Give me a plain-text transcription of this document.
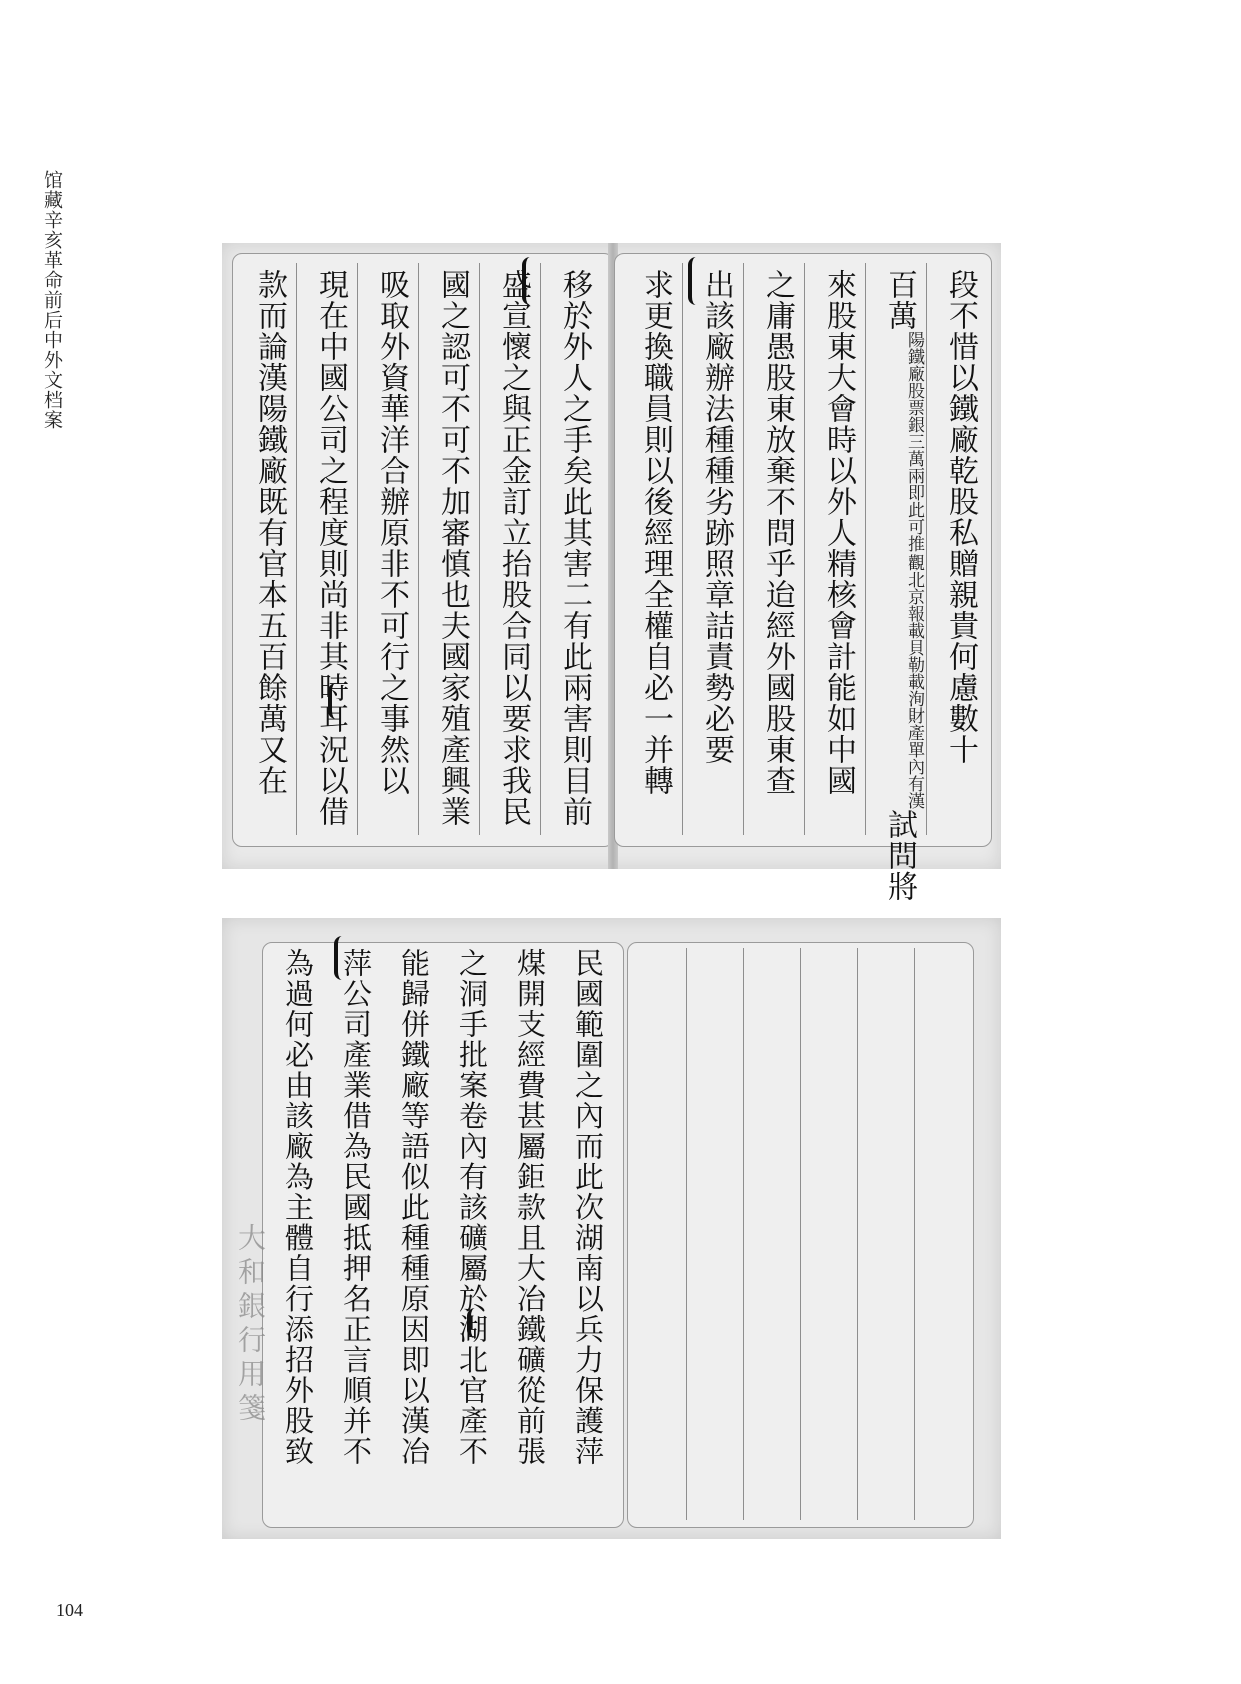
馆藏辛亥革命前后中外文档案	段不惜以鐵廠乾股私贈親貴何慮數十
百萬
觀北京報載貝勒載洵財產單內有漢
陽鐵廠股票銀三萬兩即此可推
試問將
來股東大會時以外人精核會計能如中國
之庸愚股東放棄不問乎迨經外國股東查
出該廠辦法種種劣跡照章詰責勢必要
求更換職員則以後經理全權自必一并轉
移於外人之手矣此其害二有此兩害則目前
盛宣懷之與正金訂立抬股合同以要求我民
國之認可不可不加審慎也夫國家殖產興業
吸取外資華洋合辦原非不可行之事然以
現在中國公司之程度則尚非其時耳況以借
款而論漢陽鐵廠既有官本五百餘萬又在
民國範圍之內而此次湖南以兵力保護萍
煤開支經費甚屬鉅款且大冶鐵礦從前張
之洞手批案卷內有該礦屬於湖北官產不
能歸併鐵廠等語似此種種原因即以漢冶
萍公司產業借為民國抵押名正言順并不
為過何必由該廠為主體自行添招外股致
大和銀行用箋
104
